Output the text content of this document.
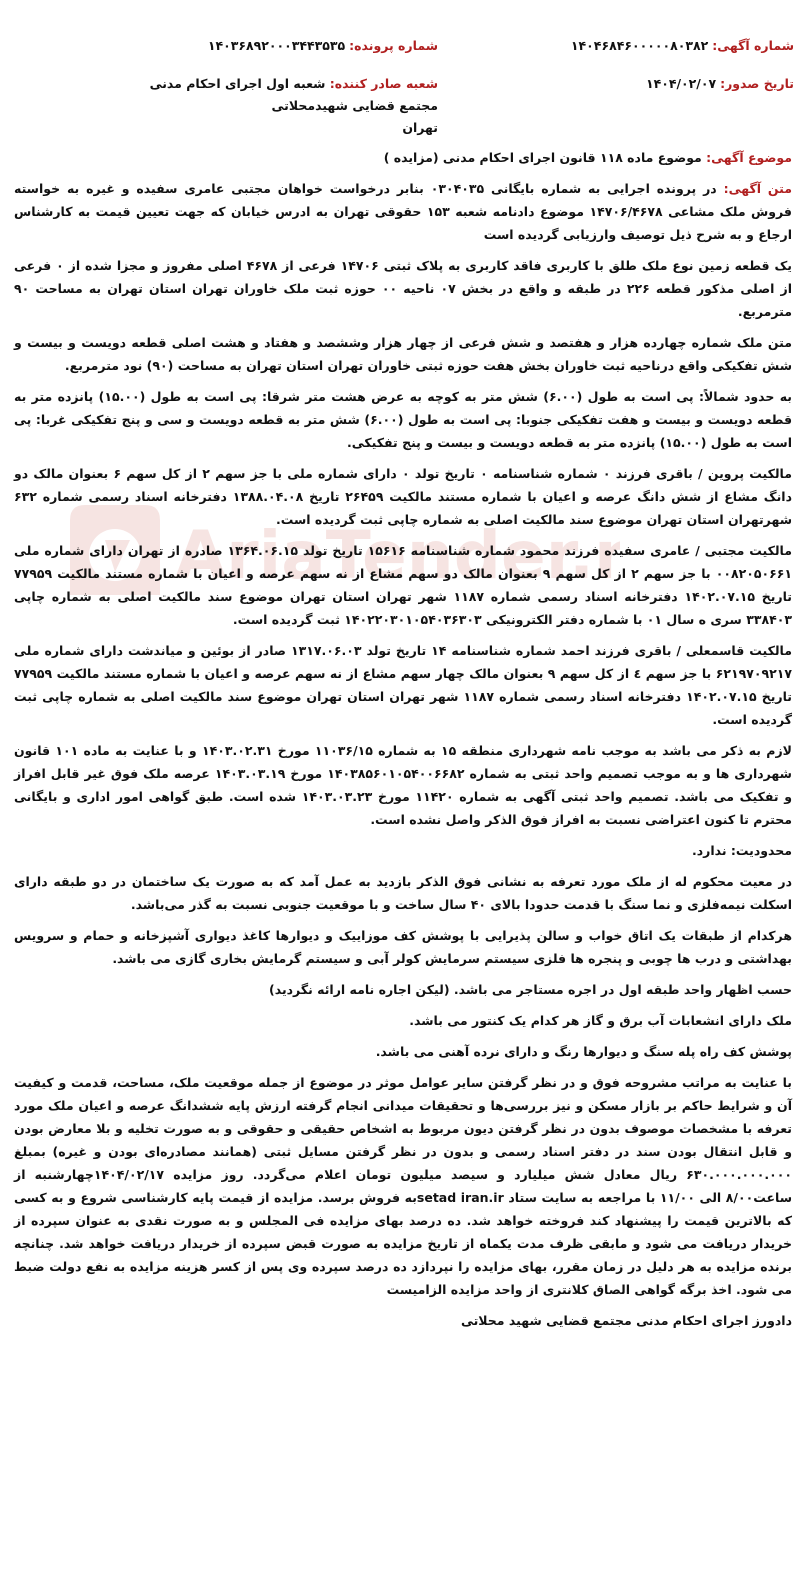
AriaTender.n
شماره آگهی: ۱۴۰۴۶۸۴۶۰۰۰۰۰۸۰۳۸۲
شماره پرونده: ۱۴۰۳۶۸۹۲۰۰۰۳۴۴۳۵۳۵
تاریخ صدور: ۱۴۰۴/۰۲/۰۷
شعبه صادر کننده: شعبه اول اجرای احکام مدنی مجتمع قضایی شهیدمحلاتی
تهران

موضوع آگهی: موضوع ماده ۱۱۸ قانون اجرای احکام مدنی (مزایده )

متن آگهی: در پرونده اجرایی به شماره بایگانی ۰۳۰۴۰۳۵ بنابر درخواست خواهان مجتبی عامری سفیده و غیره به خواسته فروش ملک مشاعی ۱۴۷۰۶/۴۶۷۸ موضوع دادنامه شعبه ۱۵۳ حقوقی تهران به ادرس خیابان که جهت تعیین قیمت به کارشناس ارجاع و به شرح ذیل توصیف وارزیابی گردیده است

یک قطعه زمین نوع ملک طلق با کاربری فاقد کاربری به پلاک ثبتی ۱۴۷۰۶ فرعی از ۴۶۷۸ اصلی مفروز و مجزا شده از ۰ فرعی از اصلی مذکور قطعه ۲۲۶ در طبقه و واقع در بخش ۰۷ ناحیه ۰۰ حوزه ثبت ملک خاوران تهران استان تهران به مساحت ۹۰ مترمربع.

متن ملک شماره چهارده هزار و هفتصد و شش فرعی از چهار هزار وششصد و هفتاد و هشت اصلی قطعه دویست و بیست و شش تفکیکی واقع درناحیه ثبت خاوران بخش هفت حوزه ثبتی خاوران تهران استان تهران به مساحت (۹۰) نود مترمربع.

به حدود شمالاً: پی است به طول (۶.۰۰) شش متر به کوچه به عرض هشت متر شرقا: پی است به طول (۱۵.۰۰) پانزده متر به قطعه دویست و بیست و هفت تفکیکی جنوبا: پی است به طول (۶.۰۰) شش متر به قطعه دویست و سی و پنج تفکیکی غربا: پی است به طول (۱۵.۰۰) پانزده متر به قطعه دویست و بیست و پنج تفکیکی.

مالکیت پروین / باقری فرزند ۰ شماره شناسنامه ۰ تاریخ تولد ۰ دارای شماره ملی با جز سهم ۲ از کل سهم ۶ بعنوان مالک دو دانگ مشاع از شش دانگ عرصه و اعیان با شماره مستند مالکیت ۲۶۴۵۹ تاریخ ۱۳۸۸.۰۴.۰۸ دفترخانه اسناد رسمی شماره ۶۳۲ شهرتهران استان تهران موضوع سند مالکیت اصلی به شماره چاپی ثبت گردیده است.

مالکیت مجتبی / عامری سفیده فرزند محمود شماره شناسنامه ۱۵۶۱۶ تاریخ تولد ۱۳۶۴.۰۶.۱۵ صادره از تهران دارای شماره ملی ۰۰۸۲۰۵۰۶۶۱ با جز سهم ۲ از کل سهم ۹ بعنوان مالک دو سهم مشاع از نه سهم عرصه و اعیان با شماره مستند مالکیت ۷۷۹۵۹ تاریخ ۱۴۰۲.۰۷.۱۵ دفترخانه اسناد رسمی شماره ۱۱۸۷ شهر تهران استان تهران موضوع سند مالکیت اصلی به شماره چاپی ۳۳۸۴۰۳ سری ه سال ۰۱ با شماره دفتر الکترونیکی ۱۴۰۲۲۰۳۰۱۰۵۴۰۳۶۳۰۳ ثبت گردیده است.

مالکیت قاسمعلی / باقری فرزند احمد شماره شناسنامه ۱۴ تاریخ تولد ۱۳۱۷.۰۶.۰۳ صادر از بوئین و میاندشت دارای شماره ملی ۶۲۱۹۷۰۹۲۱۷ با جز سهم ٤ از کل سهم ۹ بعنوان مالک چهار سهم مشاع از نه سهم عرصه و اعیان با شماره مستند مالکیت ۷۷۹۵۹ تاریخ ۱۴۰۲.۰۷.۱۵ دفترخانه اسناد رسمی شماره ۱۱۸۷ شهر تهران استان تهران موضوع سند مالکیت اصلی به شماره چاپی ثبت گردیده است.

لازم به ذکر می باشد به موجب نامه شهرداری منطقه ۱۵ به شماره ۱۱۰۳۶/۱۵ مورخ ۱۴۰۳.۰۲.۳۱ و با عنایت به ماده ۱۰۱ قانون شهرداری ها و به موجب تصمیم واحد ثبتی به شماره ۱۴۰۳۸۵۶۰۱۰۵۴۰۰۶۶۸۲ مورخ ۱۴۰۳.۰۳.۱۹ عرصه ملک فوق غیر قابل افراز و تفکیک می باشد. تصمیم واحد ثبتی آگهی به شماره ۱۱۴۲۰ مورخ ۱۴۰۳.۰۳.۲۳ شده است. طبق گواهی امور اداری و بایگانی محترم تا کنون اعتراضی نسبت به افراز فوق الذکر واصل نشده است.

محدودیت: ندارد.

در معیت محکوم له از ملک مورد تعرفه به نشانی فوق الذکر بازدید به عمل آمد که به صورت یک ساختمان در دو طبقه دارای اسکلت نیمه‌فلزی و نما سنگ با قدمت حدودا بالای ۴۰ سال ساخت و با موقعیت جنوبی نسبت به گذر می‌باشد.

هرکدام از طبقات یک اتاق خواب و سالن پذیرایی با پوشش کف موزاییک و دیوارها کاغذ دیواری آشپزخانه و حمام و سرویس بهداشتی و درب ها چوبی و پنجره ها فلزی سیستم سرمایش کولر آبی و سیستم گرمایش بخاری گازی می باشد.

حسب اظهار واحد طبقه اول در اجره مستاجر می باشد. (لیکن اجاره نامه ارائه نگردید)

ملک دارای انشعابات آب برق و گاز هر کدام یک کنتور می باشد.

پوشش کف راه پله سنگ و دیوارها رنگ و دارای نرده آهنی می باشد.

با عنایت به مراتب مشروحه فوق و در نظر گرفتن سایر عوامل موثر در موضوع از جمله موقعیت ملک، مساحت، قدمت و کیفیت آن و شرایط حاکم بر بازار مسکن و نیز بررسی‌ها و تحقیقات میدانی انجام گرفته ارزش پایه ششدانگ عرصه و اعیان ملک مورد تعرفه با مشخصات موصوف بدون در نظر گرفتن دیون مربوط به اشخاص حقیقی و حقوقی و به صورت تخلیه و بلا معارض بودن و قابل انتقال بودن سند در دفتر اسناد رسمی و بدون در نظر گرفتن مسایل ثبتی (همانند مصادره‌ای بودن و غیره) بمبلغ ۶۳۰.۰۰۰.۰۰۰.۰۰۰ ریال معادل شش میلیارد و سیصد میلیون تومان اعلام می‌گردد. روز مزایده ۱۴۰۴/۰۲/۱۷چهارشنبه از ساعت۸/۰۰ الی ۱۱/۰۰ با مراجعه به سایت ستاد setad iran.irبه فروش برسد. مزایده از قیمت پایه کارشناسی شروع و به کسی که بالاترین قیمت را پیشنهاد کند فروخته خواهد شد. ده درصد بهای مزایده فی المجلس و به صورت نقدی به عنوان سپرده از خریدار دریافت می شود و مابقی ظرف مدت یکماه از تاریخ مزایده به صورت قبض سپرده از خریدار دریافت خواهد شد. چنانچه برنده مزایده به هر دلیل در زمان مقرر، بهای مزایده را نپردازد ده درصد سپرده وی پس از کسر هزینه مزایده به نفع دولت ضبط می شود. اخذ برگه گواهی الصاق کلانتری از واحد مزایده الزامیست

دادورز اجرای احکام مدنی مجتمع قضایی شهید محلاتی
